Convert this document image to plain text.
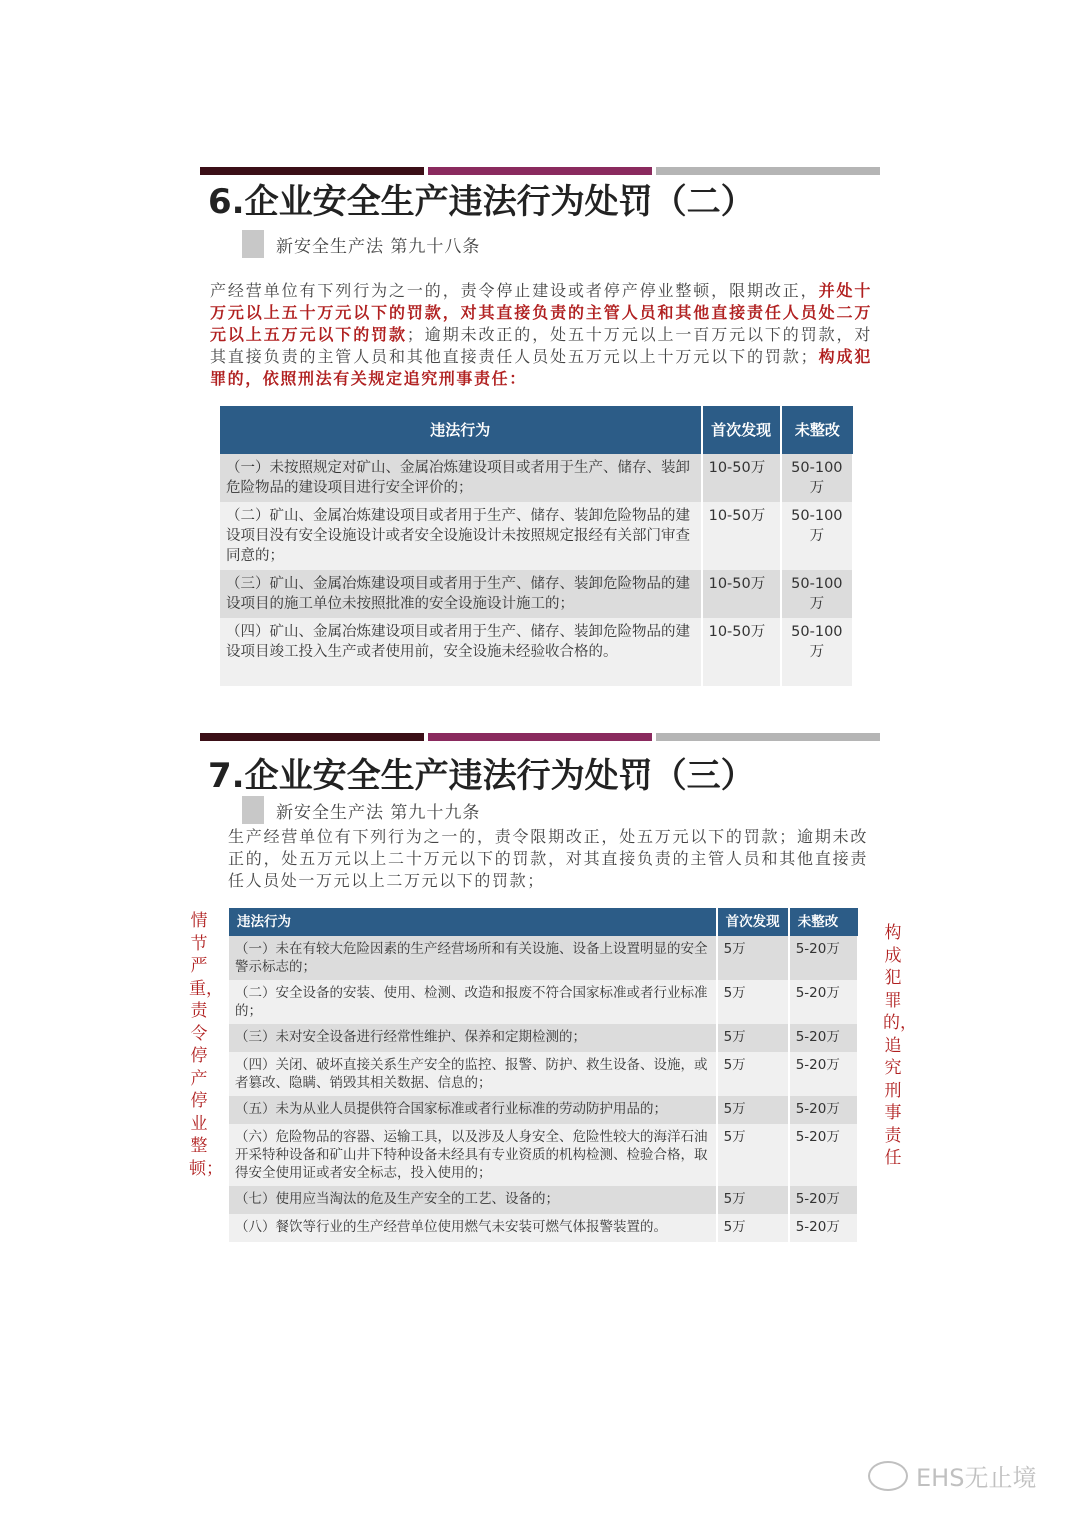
6.企业安全生产违法行为处罚（二）
新安全生产法 第九十八条
产经营单位有下列行为之一的，责令停止建设或者停产停业整顿，限期改正，并处十万元以上五十万元以下的罚款，对其直接负责的主管人员和其他直接责任人员处二万元以上五万元以下的罚款；逾期未改正的，处五十万元以上一百万元以下的罚款，对其直接负责的主管人员和其他直接责任人员处五万元以上十万元以下的罚款；构成犯罪的，依照刑法有关规定追究刑事责任：
违法行为	首次发现	未整改
（一）未按照规定对矿山、金属冶炼建设项目或者用于生产、储存、装卸危险物品的建设项目进行安全评价的；	10-50万	50-100万
（二）矿山、金属冶炼建设项目或者用于生产、储存、装卸危险物品的建设项目没有安全设施设计或者安全设施设计未按照规定报经有关部门审查同意的；	10-50万	50-100万
（三）矿山、金属冶炼建设项目或者用于生产、储存、装卸危险物品的建设项目的施工单位未按照批准的安全设施设计施工的；	10-50万	50-100万
（四）矿山、金属冶炼建设项目或者用于生产、储存、装卸危险物品的建设项目竣工投入生产或者使用前，安全设施未经验收合格的。	10-50万	50-100万
7.企业安全生产违法行为处罚（三）
新安全生产法 第九十九条
生产经营单位有下列行为之一的，责令限期改正，处五万元以下的罚款；逾期未改正的，处五万元以上二十万元以下的罚款，对其直接负责的主管人员和其他直接责任人员处一万元以上二万元以下的罚款；
情节严重，责令停产停业整顿；
构成犯罪的，追究刑事责任
违法行为	首次发现	未整改
（一）未在有较大危险因素的生产经营场所和有关设施、设备上设置明显的安全警示标志的；	5万	5-20万
（二）安全设备的安装、使用、检测、改造和报废不符合国家标准或者行业标准的；	5万	5-20万
（三）未对安全设备进行经常性维护、保养和定期检测的；	5万	5-20万
（四）关闭、破坏直接关系生产安全的监控、报警、防护、救生设备、设施，或者篡改、隐瞒、销毁其相关数据、信息的；	5万	5-20万
（五）未为从业人员提供符合国家标准或者行业标准的劳动防护用品的；	5万	5-20万
（六）危险物品的容器、运输工具，以及涉及人身安全、危险性较大的海洋石油开采特种设备和矿山井下特种设备未经具有专业资质的机构检测、检验合格，取得安全使用证或者安全标志，投入使用的；	5万	5-20万
（七）使用应当淘汰的危及生产安全的工艺、设备的；	5万	5-20万
（八）餐饮等行业的生产经营单位使用燃气未安装可燃气体报警装置的。	5万	5-20万
EHS无止境
